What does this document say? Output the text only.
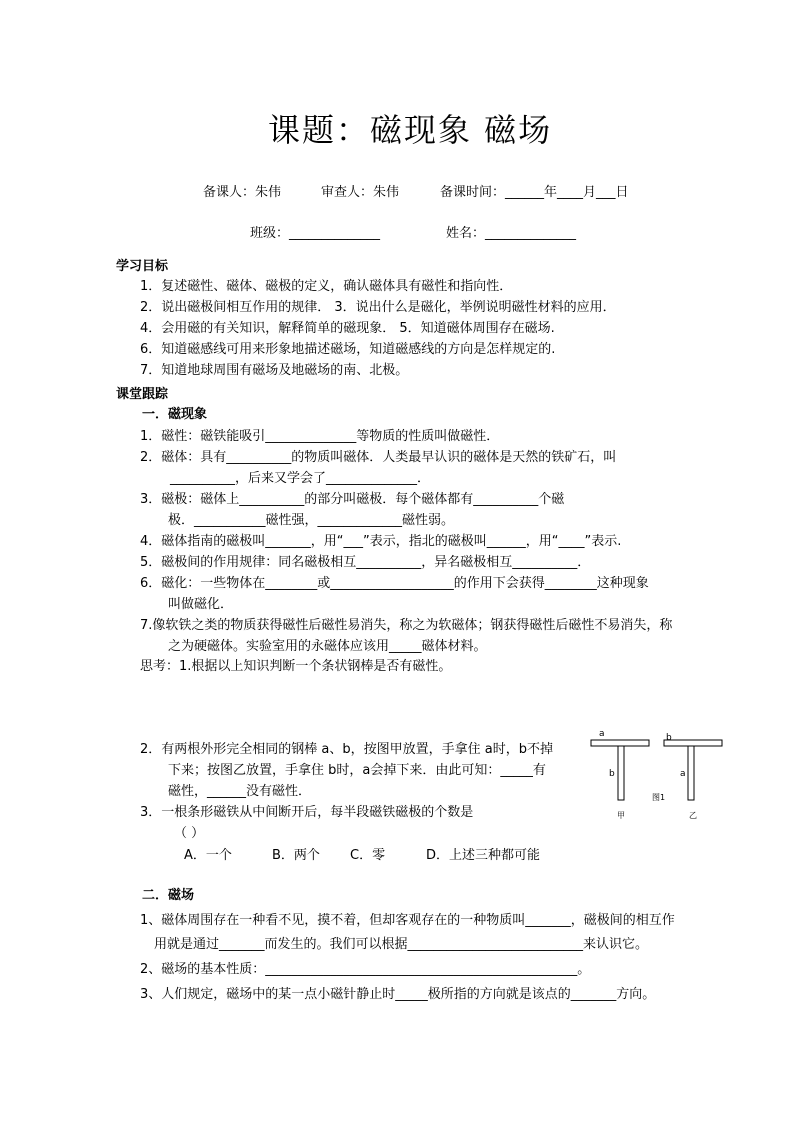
课题：磁现象 磁场
备课人：朱伟	审查人：朱伟	备课时间：______年____月___日
班级：______________	姓名：______________
学习目标
1．复述磁性、磁体、磁极的定义，确认磁体具有磁性和指向性．
2．说出磁极间相互作用的规律． 3．说出什么是磁化，举例说明磁性材料的应用．
4．会用磁的有关知识，解释简单的磁现象． 5．知道磁体周围存在磁场.
6．知道磁感线可用来形象地描述磁场，知道磁感线的方向是怎样规定的.
7．知道地球周围有磁场及地磁场的南、北极。
课堂跟踪
一．磁现象
1．磁性：磁铁能吸引______________等物质的性质叫做磁性．
2．磁体：具有__________的物质叫磁体．人类最早认识的磁体是天然的铁矿石，叫
__________，后来又学会了______________．
3．磁极：磁体上__________的部分叫磁极．每个磁体都有__________个磁
极．___________磁性强，_____________磁性弱。
4．磁体指南的磁极叫_______，用“___”表示，指北的磁极叫______，用“____”表示.
5．磁极间的作用规律：同名磁极相互__________，异名磁极相互__________．
6．磁化：一些物体在________或___________________的作用下会获得________这种现象
叫做磁化．
7.像软铁之类的物质获得磁性后磁性易消失，称之为软磁体；钢获得磁性后磁性不易消失，称
之为硬磁体。实验室用的永磁体应该用_____磁体材料。
思考：1.根据以上知识判断一个条状钢棒是否有磁性。
2．有两根外形完全相同的钢棒 a、b，按图甲放置，手拿住 a时，b不掉
下来；按图乙放置，手拿住 b时，a会掉下来．由此可知：_____有
磁性，______没有磁性．
3．一根条形磁铁从中间断开后，每半段磁铁磁极的个数是
（ ）
A．一个	B．两个 C．零	D．上述三种都可能
二．磁场
1、磁体周围存在一种看不见，摸不着，但却客观存在的一种物质叫_______，磁极间的相互作
用就是通过_______而发生的。我们可以根据___________________________来认识它。
2、磁场的基本性质：________________________________________________。
3、人们规定，磁场中的某一点小磁针静止时_____极所指的方向就是该点的_______方向。
a
b
b
a
图1
甲	乙
